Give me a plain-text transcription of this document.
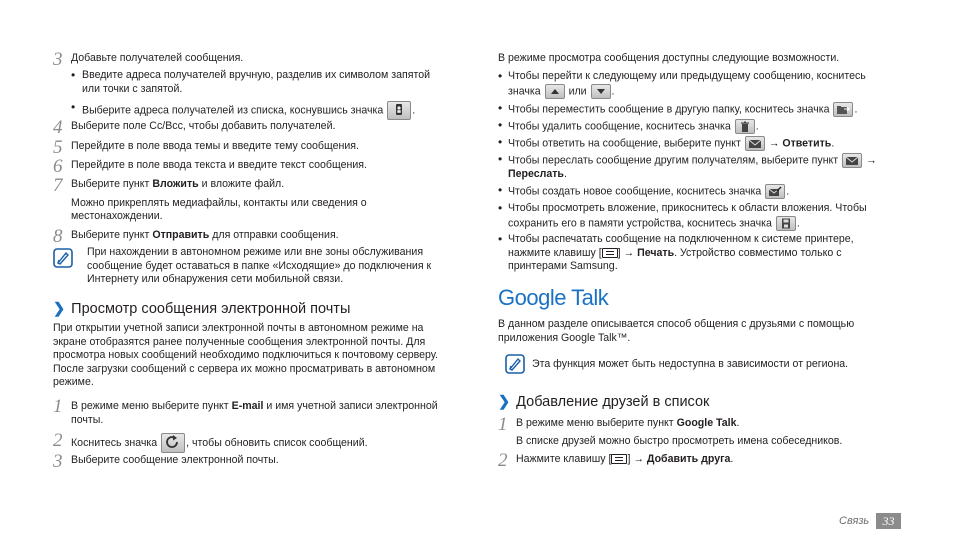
3 Добавьте получателей сообщения.
• Введите адреса получателей вручную, разделив их символом запятой или точки с запятой.
• Выберите адреса получателей из списка, коснувшись значка	.
4 Выберите поле Cc/Bcc, чтобы добавить получателей.
5 Перейдите в поле ввода темы и введите тему сообщения.
6 Перейдите в поле ввода текста и введите текст сообщения.
7 Выберите пункт Вложить и вложите файл.
Можно прикреплять медиафайлы, контакты или сведения о местонахождении.
8 Выберите пункт Отправить для отправки сообщения.
При нахождении в автономном режиме или вне зоны обслуживания сообщение будет оставаться в папке «Исходящие» до подключения к Интернету или обнаружения сети мобильной связи.
❯ Просмотр сообщения электронной почты
При открытии учетной записи электронной почты в автономном режиме на экране отобразятся ранее полученные сообщения электронной почты. Для просмотра новых сообщений необходимо подключиться к почтовому серверу. После загрузки сообщений с сервера их можно просматривать в автономном режиме.
1 В режиме меню выберите пункт E-mail и имя учетной записи электронной почты.
2 Коснитесь значка	, чтобы обновить список сообщений.
3 Выберите сообщение электронной почты.
В режиме просмотра сообщения доступны следующие возможности.
• Чтобы перейти к следующему или предыдущему сообщению, коснитесь значка	или .
• Чтобы переместить сообщение в другую папку, коснитесь значка .
• Чтобы удалить сообщение, коснитесь значка .
• Чтобы ответить на сообщение, выберите пункт	→ Ответить.
• Чтобы переслать сообщение другим получателям, выберите пункт	→ Переслать.
• Чтобы создать новое сообщение, коснитесь значка .
• Чтобы просмотреть вложение, прикоснитесь к области вложения. Чтобы сохранить его в памяти устройства, коснитесь значка .
• Чтобы распечатать сообщение на подключенном к системе принтере, нажмите клавишу [ ] → Печать. Устройство совместимо только с принтерами Samsung.
Google Talk
В данном разделе описывается способ общения с друзьями с помощью приложения Google Talk™.
Эта функция может быть недоступна в зависимости от региона.
❯ Добавление друзей в список
1 В режиме меню выберите пункт Google Talk.
В списке друзей можно быстро просмотреть имена собеседников.
2 Нажмите клавишу [ ] → Добавить друга.
Связь	33
